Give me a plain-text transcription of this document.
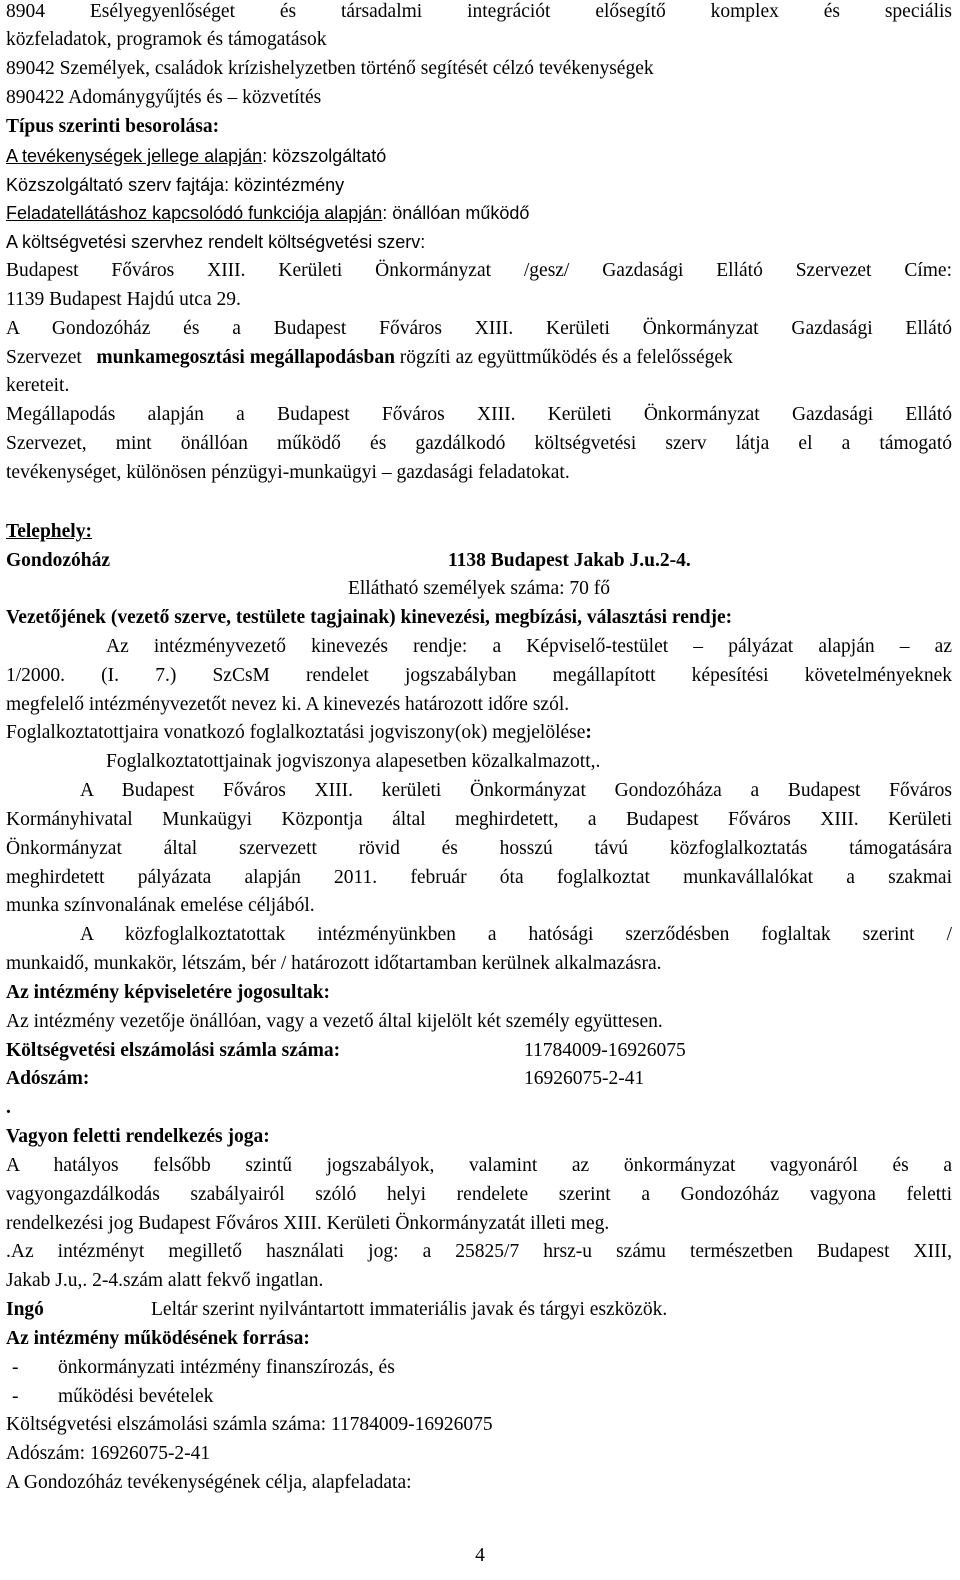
8904 Esélyegyenlőséget és társadalmi integrációt elősegítő komplex és speciális
közfeladatok, programok és támogatások
89042 Személyek, családok krízishelyzetben történő segítését célzó tevékenységek
890422 Adománygyűjtés és – közvetítés
Típus szerinti besorolása:
A tevékenységek jellege alapján: közszolgáltató
Közszolgáltató szerv fajtája: közintézmény
Feladatellátáshoz kapcsolódó funkciója alapján: önállóan működő
A költségvetési szervhez rendelt költségvetési szerv:
Budapest Főváros XIII. Kerületi Önkormányzat /gesz/ Gazdasági Ellátó Szervezet Címe:
1139 Budapest Hajdú utca 29.
A Gondozóház és a Budapest Főváros XIII. Kerületi Önkormányzat Gazdasági Ellátó
Szervezet munkamegosztási megállapodásban rögzíti az együttműködés és a felelősségek
kereteit.
Megállapodás alapján a Budapest Főváros XIII. Kerületi Önkormányzat Gazdasági Ellátó
Szervezet, mint önállóan működő és gazdálkodó költségvetési szerv látja el a támogató
tevékenységet, különösen pénzügyi-munkaügyi – gazdasági feladatokat.
Telephely:
Gondozóház	1138 Budapest Jakab J.u.2-4.
Ellátható személyek száma: 70 fő
Vezetőjének (vezető szerve, testülete tagjainak) kinevezési, megbízási, választási rendje:
Az intézményvezető kinevezés rendje: a Képviselő-testület – pályázat alapján – az
1/2000. (I. 7.) SzCsM rendelet jogszabályban megállapított képesítési követelményeknek
megfelelő intézményvezetőt nevez ki. A kinevezés határozott időre szól.
Foglalkoztatottjaira vonatkozó foglalkoztatási jogviszony(ok) megjelölése:
Foglalkoztatottjainak jogviszonya alapesetben közalkalmazott,.
A Budapest Főváros XIII. kerületi Önkormányzat Gondozóháza a Budapest Főváros
Kormányhivatal Munkaügyi Központja által meghirdetett, a Budapest Főváros XIII. Kerületi
Önkormányzat által szervezett rövid és hosszú távú közfoglalkoztatás támogatására
meghirdetett pályázata alapján 2011. február óta foglalkoztat munkavállalókat a szakmai
munka színvonalának emelése céljából.
A közfoglalkoztatottak intézményünkben a hatósági szerződésben foglaltak szerint /
munkaidő, munkakör, létszám, bér / határozott időtartamban kerülnek alkalmazásra.
Az intézmény képviseletére jogosultak:
Az intézmény vezetője önállóan, vagy a vezető által kijelölt két személy együttesen.
Költségvetési elszámolási számla száma:	11784009-16926075
Adószám:	16926075-2-41
.
Vagyon feletti rendelkezés joga:
A hatályos felsőbb szintű jogszabályok, valamint az önkormányzat vagyonáról és a
vagyongazdálkodás szabályairól szóló helyi rendelete szerint a Gondozóház vagyona feletti
rendelkezési jog Budapest Főváros XIII. Kerületi Önkormányzatát illeti meg.
.Az intézményt megillető használati jog: a 25825/7 hrsz-u számu természetben Budapest XIII,
Jakab J.u,. 2-4.szám alatt fekvő ingatlan.
Ingó	Leltár szerint nyilvántartott immateriális javak és tárgyi eszközök.
Az intézmény működésének forrása:
- önkormányzati intézmény finanszírozás, és
- működési bevételek
Költségvetési elszámolási számla száma: 11784009-16926075
Adószám: 16926075-2-41
A Gondozóház tevékenységének célja, alapfeladata:
4
